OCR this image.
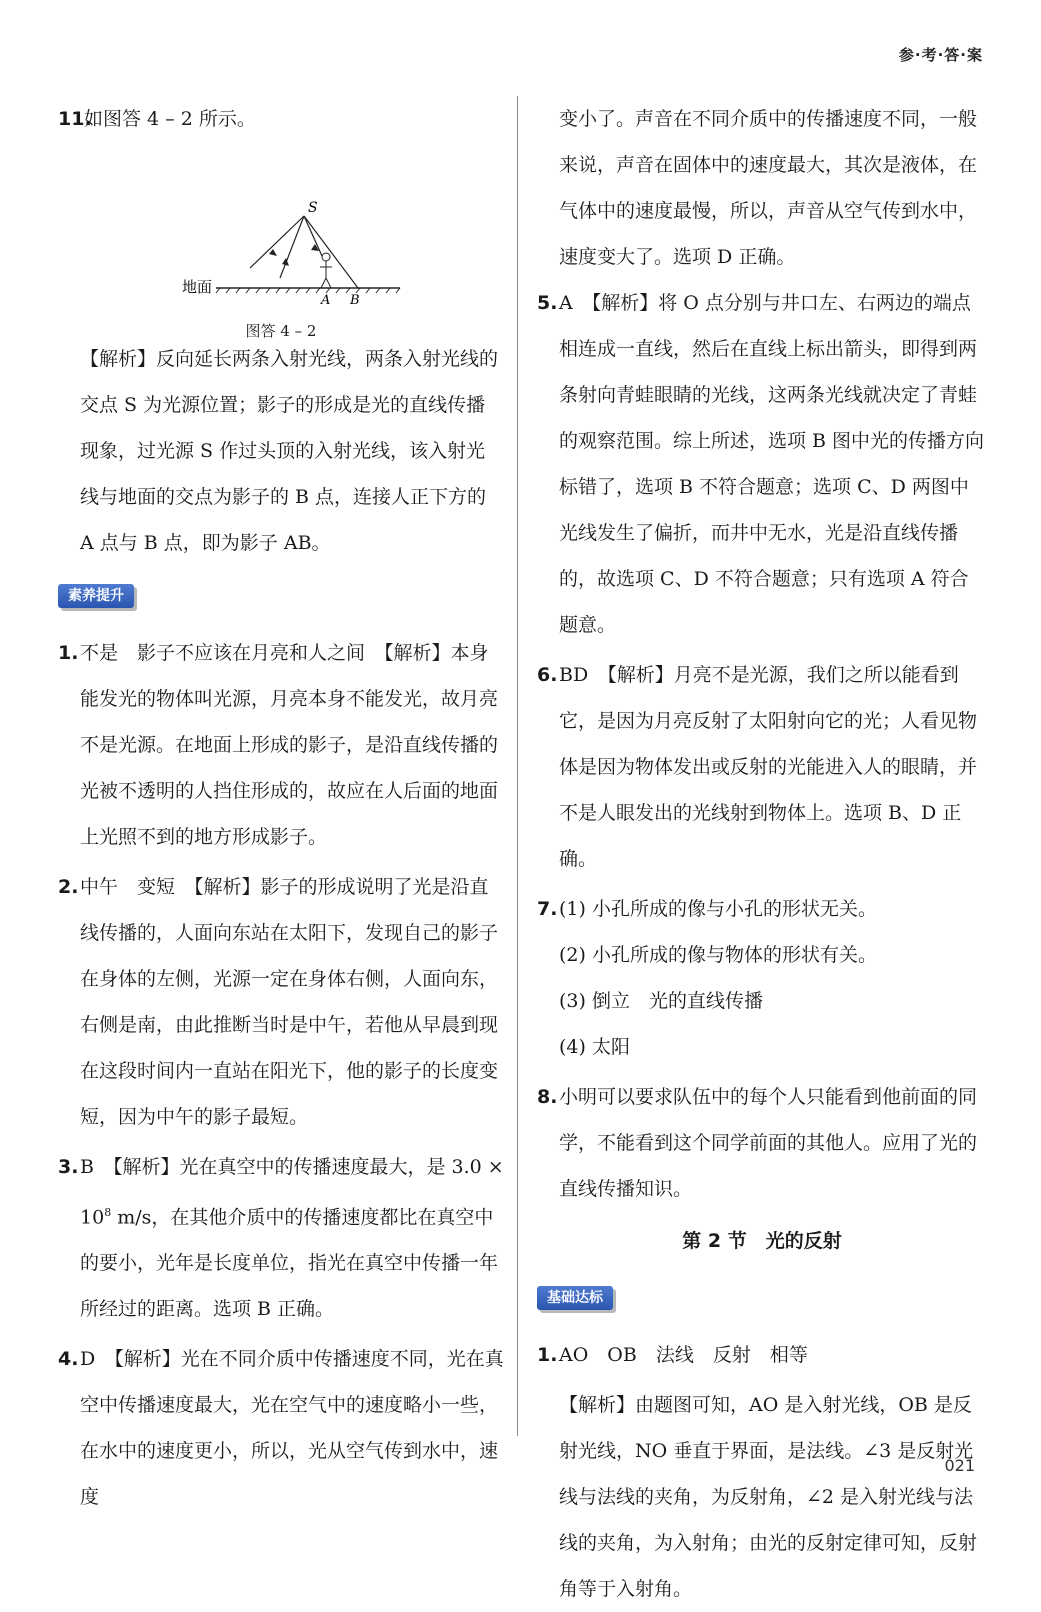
参·考·答·案
11.
如图答 4 – 2 所示。
S
A B
地面
图答 4 – 2

【解析】反向延长两条入射光线，两条入射光线的交点 S 为光源位置；影子的形成是光的直线传播现象，过光源 S 作过头顶的入射光线，该入射光线与地面的交点为影子的 B 点，连接人正下方的 A 点与 B 点，即为影子 AB。

素养提升
1. 不是　影子不应该在月亮和人之间　【解析】本身能发光的物体叫光源，月亮本身不能发光，故月亮不是光源。在地面上形成的影子，是沿直线传播的光被不透明的人挡住形成的，故应在人后面的地面上光照不到的地方形成影子。
2. 中午　变短　【解析】影子的形成说明了光是沿直线传播的，人面向东站在太阳下，发现自己的影子在身体的左侧，光源一定在身体右侧，人面向东，右侧是南，由此推断当时是中午，若他从早晨到现在这段时间内一直站在阳光下，他的影子的长度变短，因为中午的影子最短。
3. B　【解析】光在真空中的传播速度最大，是 $3.0 \times 10^8$ m/s，在其他介质中的传播速度都比在真空中的要小，光年是长度单位，指光在真空中传播一年所经过的距离。选项 B 正确。
4. D　【解析】光在不同介质中传播速度不同，光在真空中传播速度最大，光在空气中的速度略小一些，在水中的速度更小，所以，光从空气传到水中，速度

变小了。声音在不同介质中的传播速度不同，一般来说，声音在固体中的速度最大，其次是液体，在气体中的速度最慢，所以，声音从空气传到水中，速度变大了。选项 D 正确。

5. A　【解析】将 O 点分别与井口左、右两边的端点相连成一直线，然后在直线上标出箭头，即得到两条射向青蛙眼睛的光线，这两条光线就决定了青蛙的观察范围。综上所述，选项 B 图中光的传播方向标错了，选项 B 不符合题意；选项 C、D 两图中光线发生了偏折，而井中无水，光是沿直线传播的，故选项 C、D 不符合题意；只有选项 A 符合题意。
6. BD　【解析】月亮不是光源，我们之所以能看到它，是因为月亮反射了太阳射向它的光；人看见物体是因为物体发出或反射的光能进入人的眼睛，并不是人眼发出的光线射到物体上。选项 B、D 正确。
7. (1) 小孔所成的像与小孔的形状无关。
(2) 小孔所成的像与物体的形状有关。
(3) 倒立　光的直线传播
(4) 太阳
8. 小明可以要求队伍中的每个人只能看到他前面的同学，不能看到这个同学前面的其他人。应用了光的直线传播知识。
第 2 节　光的反射
基础达标
1. AO　OB　法线　反射　相等

【解析】由题图可知，AO 是入射光线，OB 是反射光线，NO 垂直于界面，是法线。∠3 是反射光线与法线的夹角，为反射角，∠2 是入射光线与法线的夹角，为入射角；由光的反射定律可知，反射角等于入射角。

021
